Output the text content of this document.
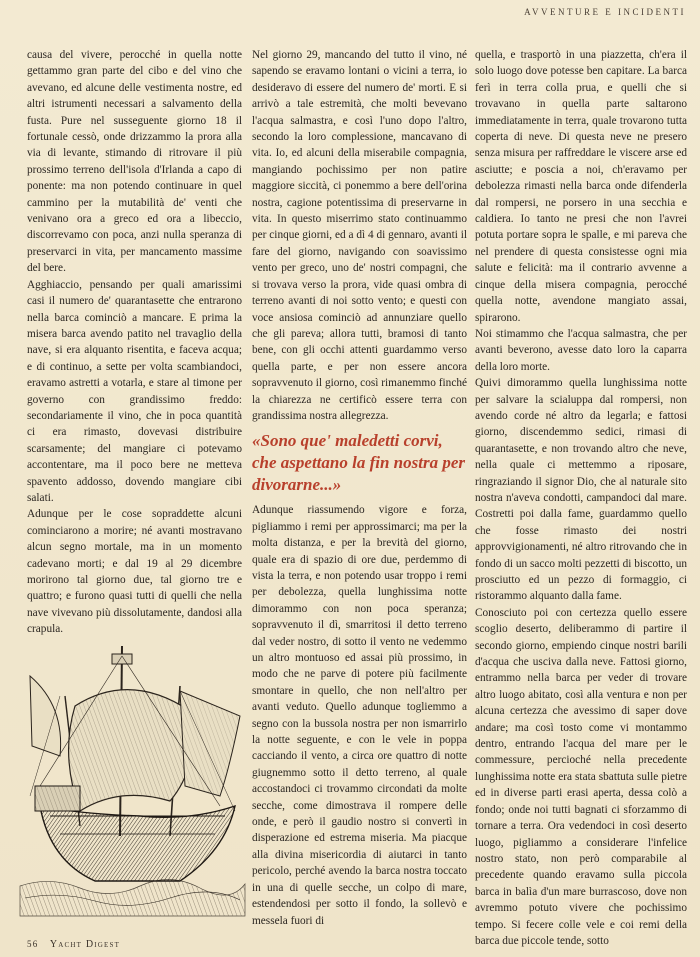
AVVENTURE E INCIDENTI

causa del vivere, perocché in quella notte gettammo gran parte del cibo e del vino che avevano, ed alcune delle vestimenta nostre, ed altri istrumenti necessari a salvamento della fusta. Pure nel susseguente giorno 18 il fortunale cessò, onde drizzammo la prora alla via di levante, stimando di ritrovare il più prossimo terreno dell'isola d'Irlanda a capo di ponente: ma non potendo continuare in quel cammino per la mutabilità de' venti che venivano ora a greco ed ora a libeccio, discorrevamo con poca, anzi nulla speranza di preservarci in vita, per mancamento massime del bere.

Agghiaccio, pensando per quali amarissimi casi il numero de' quarantasette che entrarono nella barca cominciò a mancare. E prima la misera barca avendo patito nel travaglio della nave, si era alquanto risentita, e faceva acqua; e di continuo, a sette per volta scambiandoci, eravamo astretti a votarla, e stare al timone per governo con grandissimo freddo: secondariamente il vino, che in poca quantità ci era rimasto, dovevasi distribuire scarsamente; del mangiare ci potevamo accontentare, ma il poco bere ne metteva spavento addosso, dovendo mangiare cibi salati.

Adunque per le cose sopraddette alcuni cominciarono a morire; né avanti mostravano alcun segno mortale, ma in un momento cadevano morti; e dal 19 al 29 dicembre morirono tal giorno due, tal giorno tre e quattro; e furono quasi tutti di quelli che nella nave vivevano più dissolutamente, dandosi alla crapula.

Nel giorno 29, mancando del tutto il vino, né sapendo se eravamo lontani o vicini a terra, io desideravo di essere del numero de' morti. E si arrivò a tale estremità, che molti bevevano l'acqua salmastra, e così l'uno dopo l'altro, secondo la loro complessione, mancavano di vita. Io, ed alcuni della miserabile compagnia, mangiando pochissimo per non patire maggiore siccità, ci ponemmo a bere dell'orina nostra, cagione potentissima di preservarne in vita. In questo miserrimo stato continuammo per cinque giorni, ed a dì 4 di gennaro, avanti il fare del giorno, navigando con soavissimo vento per greco, uno de' nostri compagni, che si trovava verso la prora, vide quasi ombra di terreno avanti di noi sotto vento; e questi con voce ansiosa cominciò ad annunziare quello che gli pareva; allora tutti, bramosi di tanto bene, con gli occhi attenti guardammo verso quella parte, e per non essere ancora sopravvenuto il giorno, così rimanemmo finché la chiarezza ne certificò essere terra con grandissima nostra allegrezza.

«Sono que' maledetti corvi, che aspettano la fin nostra per divorarne...»

Adunque riassumendo vigore e forza, pigliammo i remi per approssimarci; ma per la molta distanza, e per la brevità del giorno, quale era di spazio di ore due, perdemmo di vista la terra, e non potendo usar troppo i remi per debolezza, quella lunghissima notte dimorammo con non poca speranza; sopravvenuto il dì, smarritosi il detto terreno dal veder nostro, di sotto il vento ne vedemmo un altro montuoso ed assai più prossimo, in modo che ne parve di potere più facilmente smontare in quello, che non nell'altro per avanti veduto. Quello adunque togliemmo a segno con la bussola nostra per non ismarrirlo la notte seguente, e con le vele in poppa cacciando il vento, a circa ore quattro di notte giugnemmo sotto il detto terreno, al quale accostandoci ci trovammo circondati da molte secche, come dimostrava il rompere delle onde, e però il gaudio nostro si convertì in disperazione ed estrema miseria. Ma piacque alla divina misericordia di aiutarci in tanto pericolo, perché avendo la barca nostra toccato in una di quelle secche, un colpo di mare, estendendosi per sotto il fondo, la sollevò e messela fuori di

quella, e trasportò in una piazzetta, ch'era il solo luogo dove potesse ben capitare. La barca ferì in terra colla prua, e quelli che si trovavano in quella parte saltarono immediatamente in terra, quale trovarono tutta coperta di neve. Di questa neve ne presero senza misura per raffreddare le viscere arse ed asciutte; e poscia a noi, ch'eravamo per debolezza rimasti nella barca onde difenderla dal rompersi, ne porsero in una secchia e caldiera. Io tanto ne presi che non l'avrei potuta portare sopra le spalle, e mi pareva che nel prendere di questa consistesse ogni mia salute e felicità: ma il contrario avvenne a cinque della misera compagnia, perocché quella notte, avendone mangiato assai, spirarono.

Noi stimammo che l'acqua salmastra, che per avanti beverono, avesse dato loro la caparra della loro morte.

Quivi dimorammo quella lunghissima notte per salvare la scialuppa dal rompersi, non avendo corde né altro da legarla; e fattosi giorno, discendemmo sedici, rimasi di quarantasette, e non trovando altro che neve, nella quale ci mettemmo a riposare, ringraziando il signor Dio, che al naturale sito nostra n'aveva condotti, campandoci dal mare. Costretti poi dalla fame, guardammo quello che fosse rimasto dei nostri approvvigionamenti, né altro ritrovando che in fondo di un sacco molti pezzetti di biscotto, un prosciutto ed un pezzo di formaggio, ci ristorammo alquanto dalla fame.

Conosciuto poi con certezza quello essere scoglio deserto, deliberammo di partire il secondo giorno, empiendo cinque nostri barili d'acqua che usciva dalla neve. Fattosi giorno, entrammo nella barca per veder di trovare altro luogo abitato, così alla ventura e non per alcuna certezza che avessimo di saper dove andare; ma così tosto come vi montammo dentro, entrando l'acqua del mare per le commessure, percioché nella precedente lunghissima notte era stata sbattuta sulle pietre ed in diverse parti erasi aperta, dessa colò a fondo; onde noi tutti bagnati ci sforzammo di tornare a terra. Ora vedendoci in così deserto luogo, pigliammo a considerare l'infelice nostro stato, non però comparabile al precedente quando eravamo sulla piccola barca in balìa d'un mare burrascoso, dove non avremmo potuto vivere che pochissimo tempo. Si fecere colle vele e coi remi della barca due piccole tende, sotto

56 Yacht Digest
